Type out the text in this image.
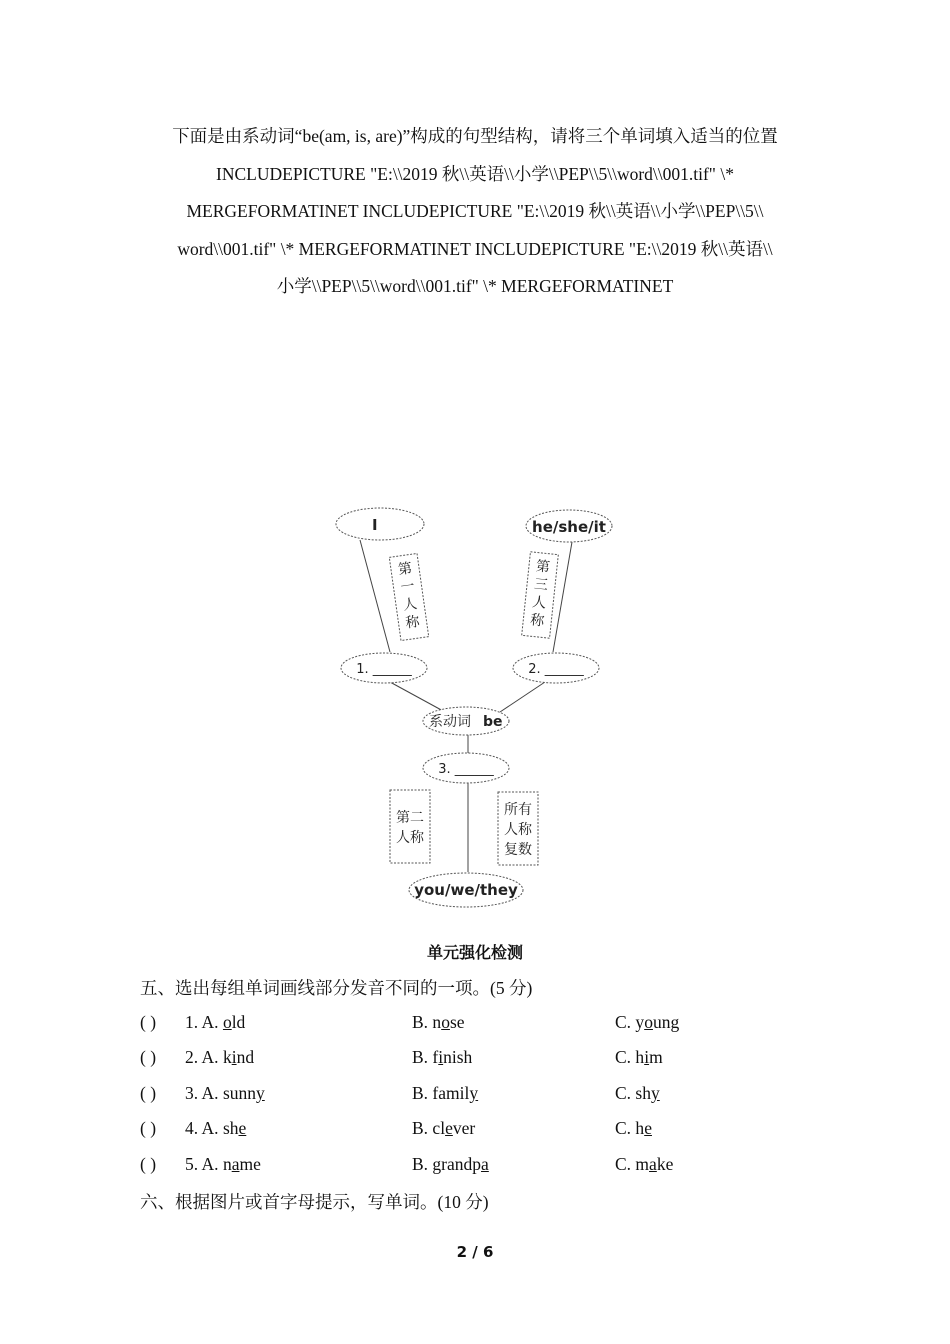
下面是由系动词“be(am, is, are)”构成的句型结构，请将三个单词填入适当的位置
INCLUDEPICTURE "E:\\2019 秋\\英语\\小学\\PEP\\5\\word\\001.tif" \*
MERGEFORMATINET INCLUDEPICTURE "E:\\2019 秋\\英语\\小学\\PEP\\5\\
word\\001.tif" \* MERGEFORMATINET INCLUDEPICTURE "E:\\2019 秋\\英语\\
小学\\PEP\\5\\word\\001.tif" \* MERGEFORMATINET
I	he/she/it
第
一
人
称
第
三
人
称
1. ______	2. ______
系动词 be
3. ______
第二
人称
所有
人称
复数
you/we/they
单元强化检测
五、选出每组单词画线部分发音不同的一项。(5 分)
( ) 1. A. old	B. nose	C. young
( ) 2. A. kind	B. finish	C. him
( ) 3. A. sunny	B. family	C. shy
( ) 4. A. she	B. clever	C. he
( ) 5. A. name	B. grandpa	C. make
六、根据图片或首字母提示，写单词。(10 分)
2 / 6
